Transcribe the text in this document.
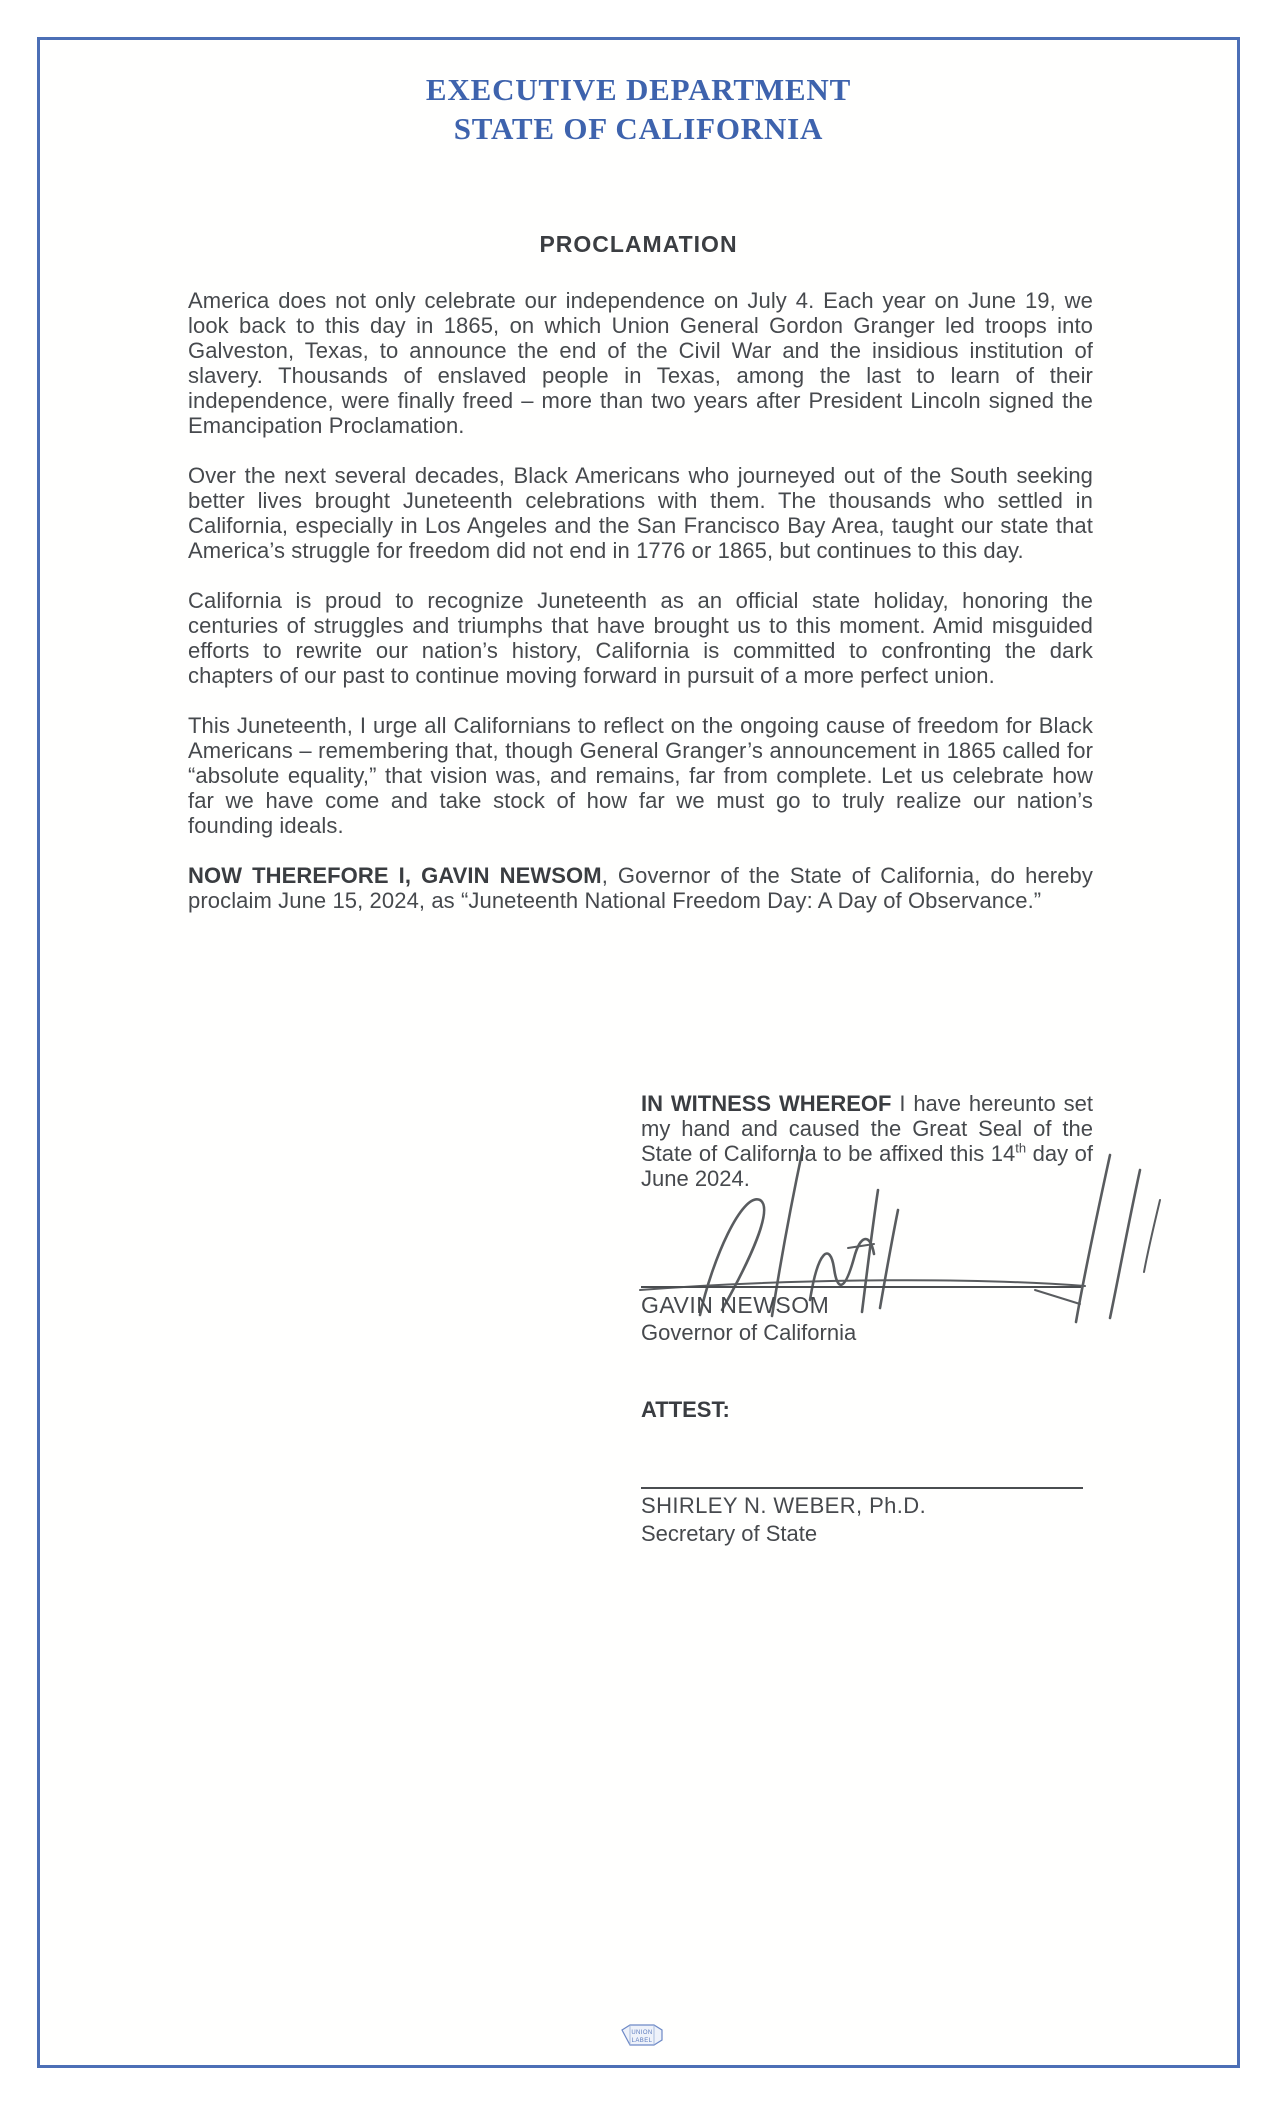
EXECUTIVE DEPARTMENT
STATE OF CALIFORNIA
PROCLAMATION

America does not only celebrate our independence on July 4. Each year on June 19, we look back to this day in 1865, on which Union General Gordon Granger led troops into Galveston, Texas, to announce the end of the Civil War and the insidious institution of slavery. Thousands of enslaved people in Texas, among the last to learn of their independence, were finally freed – more than two years after President Lincoln signed the Emancipation Proclamation.

Over the next several decades, Black Americans who journeyed out of the South seeking better lives brought Juneteenth celebrations with them. The thousands who settled in California, especially in Los Angeles and the San Francisco Bay Area, taught our state that America’s struggle for freedom did not end in 1776 or 1865, but continues to this day.

California is proud to recognize Juneteenth as an official state holiday, honoring the centuries of struggles and triumphs that have brought us to this moment. Amid misguided efforts to rewrite our nation’s history, California is committed to confronting the dark chapters of our past to continue moving forward in pursuit of a more perfect union.

This Juneteenth, I urge all Californians to reflect on the ongoing cause of freedom for Black Americans – remembering that, though General Granger’s announcement in 1865 called for “absolute equality,” that vision was, and remains, far from complete. Let us celebrate how far we have come and take stock of how far we must go to truly realize our nation’s founding ideals.

NOW THEREFORE I, GAVIN NEWSOM, Governor of the State of California, do hereby proclaim June 15, 2024, as “Juneteenth National Freedom Day: A Day of Observance.”

IN WITNESS WHEREOF I have hereunto set my hand and caused the Great Seal of the State of California to be affixed this 14th day of June 2024.
GAVIN NEWSOM
Governor of California
ATTEST:
SHIRLEY N. WEBER, Ph.D.
Secretary of State
UNION
LABEL
